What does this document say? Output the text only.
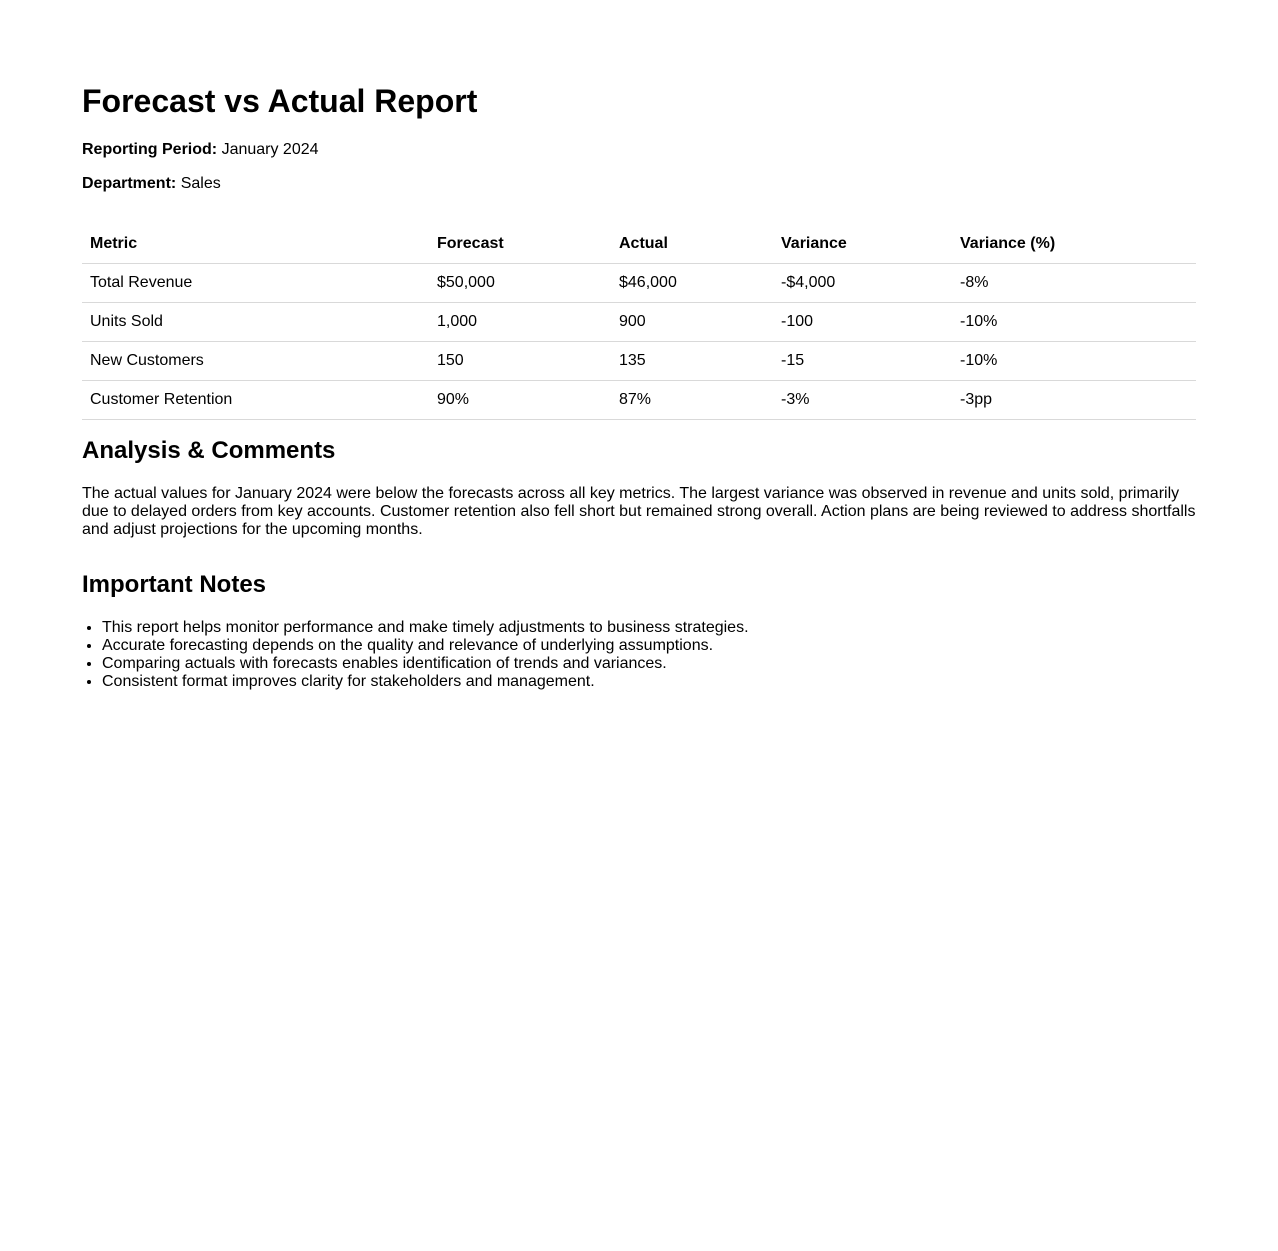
Forecast vs Actual Report

Reporting Period: January 2024

Department: Sales

Metric	Forecast	Actual	Variance	Variance (%)
Total Revenue	$50,000	$46,000	-$4,000	-8%
Units Sold	1,000	900	-100	-10%
New Customers	150	135	-15	-10%
Customer Retention	90%	87%	-3%	-3pp
Analysis & Comments

The actual values for January 2024 were below the forecasts across all key metrics. The largest variance was observed in revenue and units sold, primarily due to delayed orders from key accounts. Customer retention also fell short but remained strong overall. Action plans are being reviewed to address shortfalls and adjust projections for the upcoming months.

Important Notes
• This report helps monitor performance and make timely adjustments to business strategies.
• Accurate forecasting depends on the quality and relevance of underlying assumptions.
• Comparing actuals with forecasts enables identification of trends and variances.
• Consistent format improves clarity for stakeholders and management.
